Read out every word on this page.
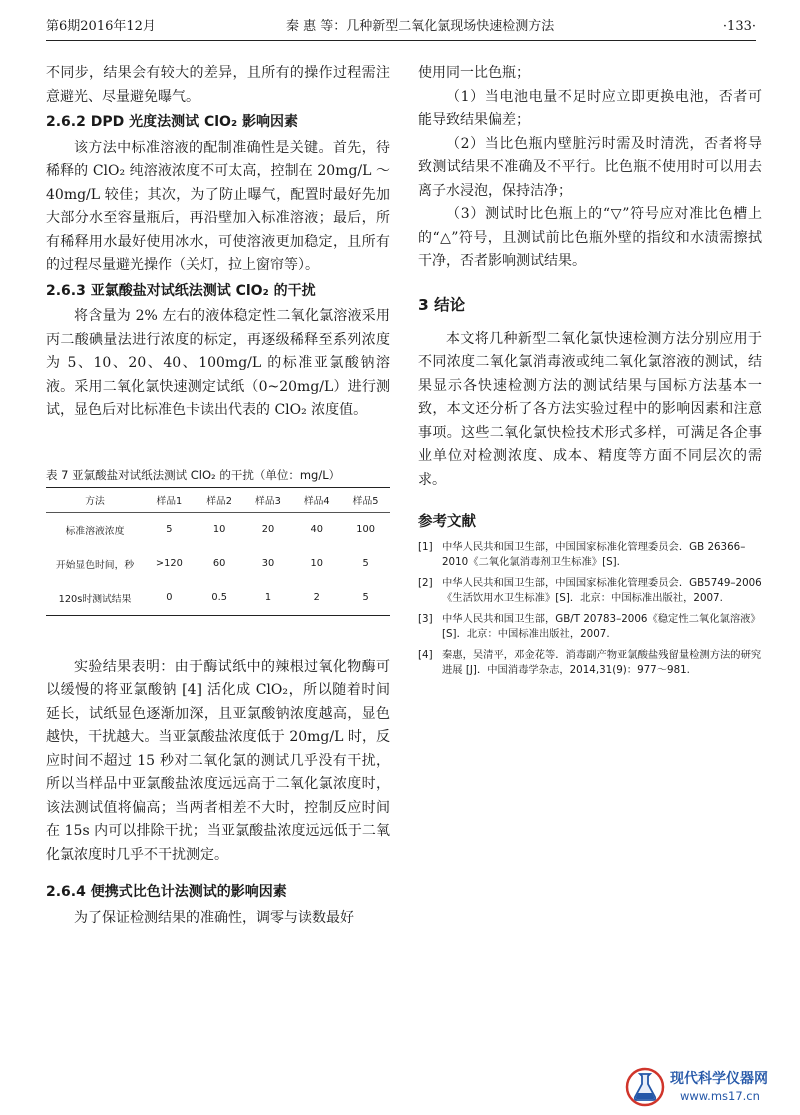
第6期2016年12月	秦 惠 等：几种新型二氧化氯现场快速检测方法	·133·

不同步，结果会有较大的差异，且所有的操作过程需注意避光、尽量避免曝气。

2.6.2 DPD 光度法测试 ClO₂ 影响因素

该方法中标准溶液的配制准确性是关键。首先，待稀释的 ClO₂ 纯溶液浓度不可太高，控制在 20mg/L ～ 40mg/L 较佳；其次，为了防止曝气，配置时最好先加大部分水至容量瓶后，再沿壁加入标准溶液；最后，所有稀释用水最好使用冰水，可使溶液更加稳定，且所有的过程尽量避光操作（关灯，拉上窗帘等）。

2.6.3 亚氯酸盐对试纸法测试 ClO₂ 的干扰

将含量为 2% 左右的液体稳定性二氧化氯溶液采用丙二酸碘量法进行浓度的标定，再逐级稀释至系列浓度为 5、10、20、40、100mg/L 的标准亚氯酸钠溶液。采用二氧化氯快速测定试纸（0~20mg/L）进行测试，显色后对比标准色卡读出代表的 ClO₂ 浓度值。

表 7 亚氯酸盐对试纸法测试 ClO₂ 的干扰（单位：mg/L）
方法	样品1	样品2	样品3	样品4	样品5
标准溶液浓度	5	10	20	40	100
开始显色时间，秒	>120	60	30	10	5
120s时测试结果	0	0.5	1	2	5

实验结果表明：由于酶试纸中的辣根过氧化物酶可以缓慢的将亚氯酸钠 [4] 活化成 ClO₂，所以随着时间延长，试纸显色逐渐加深，且亚氯酸钠浓度越高，显色越快，干扰越大。当亚氯酸盐浓度低于 20mg/L 时，反应时间不超过 15 秒对二氧化氯的测试几乎没有干扰，所以当样品中亚氯酸盐浓度远远高于二氧化氯浓度时，该法测试值将偏高；当两者相差不大时，控制反应时间在 15s 内可以排除干扰；当亚氯酸盐浓度远远低于二氧化氯浓度时几乎不干扰测定。

2.6.4 便携式比色计法测试的影响因素

为了保证检测结果的准确性，调零与读数最好

使用同一比色瓶；

（1）当电池电量不足时应立即更换电池，否者可能导致结果偏差；

（2）当比色瓶内壁脏污时需及时清洗，否者将导致测试结果不准确及不平行。比色瓶不使用时可以用去离子水浸泡，保持洁净；

（3）测试时比色瓶上的“▽”符号应对准比色槽上的“△”符号，且测试前比色瓶外壁的指纹和水渍需擦拭干净，否者影响测试结果。

3 结论

本文将几种新型二氧化氯快速检测方法分别应用于不同浓度二氧化氯消毒液或纯二氧化氯溶液的测试，结果显示各快速检测方法的测试结果与国标方法基本一致，本文还分析了各方法实验过程中的影响因素和注意事项。这些二氧化氯快检技术形式多样，可满足各企事业单位对检测浓度、成本、精度等方面不同层次的需求。

参考文献
[1] 中华人民共和国卫生部，中国国家标准化管理委员会．GB 26366–2010《二氧化氯消毒剂卫生标准》[S].
[2] 中华人民共和国卫生部，中国国家标准化管理委员会．GB5749–2006《生活饮用水卫生标准》[S]．北京：中国标准出版社，2007.
[3] 中华人民共和国卫生部，GB/T 20783–2006《稳定性二氧化氯溶液》[S]．北京：中国标准出版社，2007.
[4] 秦惠，吴清平，邓金花等．消毒副产物亚氯酸盐残留量检测方法的研究进展 [J]．中国消毒学杂志，2014,31(9)：977～981.
现代科学仪器网
www.ms17.cn
